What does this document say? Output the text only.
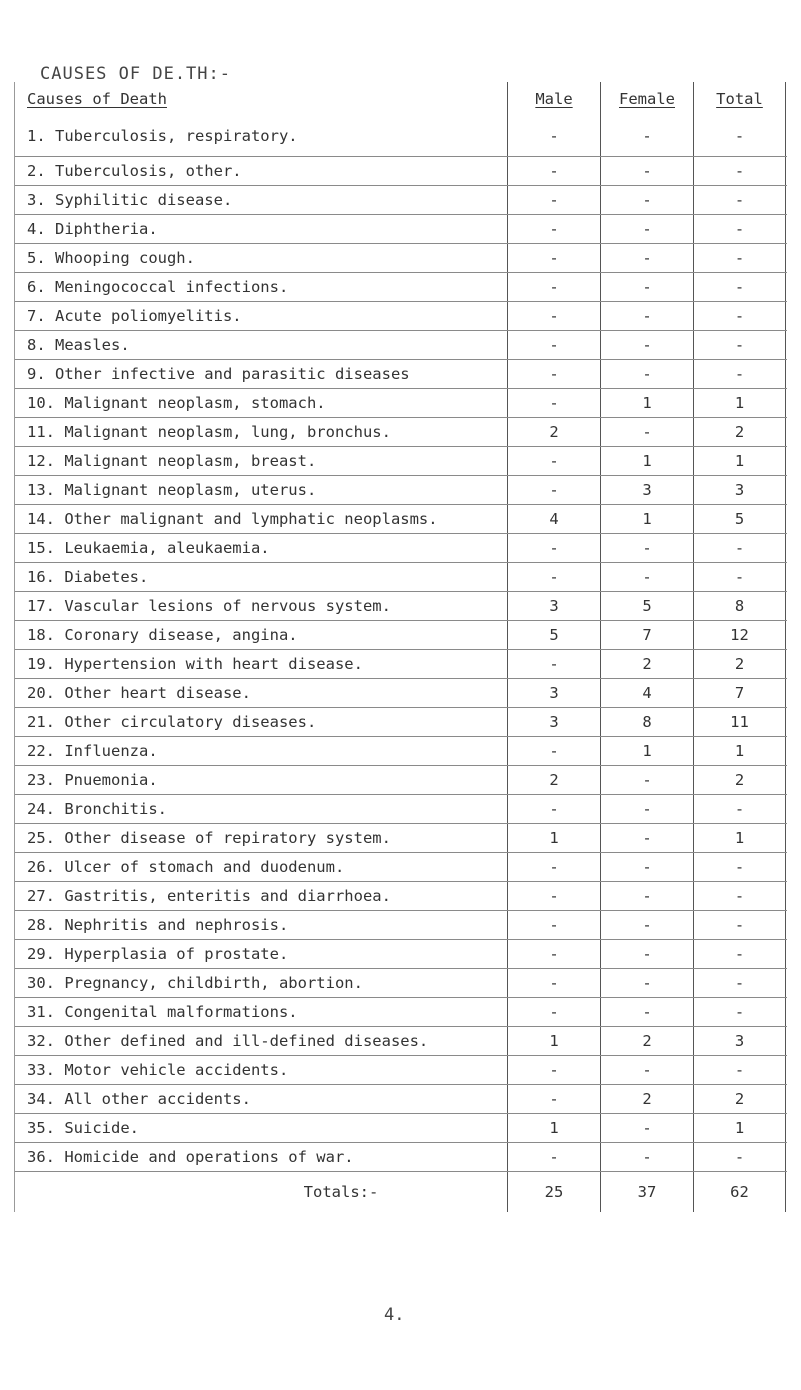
CAUSES OF DE.TH:-
Causes of Death	Male	Female	Total
1. Tuberculosis, respiratory.	-	-	-
2. Tuberculosis, other.	-	-	-
3. Syphilitic disease.	-	-	-
4. Diphtheria.	-	-	-
5. Whooping cough.	-	-	-
6. Meningococcal infections.	-	-	-
7. Acute poliomyelitis.	-	-	-
8. Measles.	-	-	-
9. Other infective and parasitic diseases	-	-	-
10. Malignant neoplasm, stomach.	-	1	1
11. Malignant neoplasm, lung, bronchus.	2	-	2
12. Malignant neoplasm, breast.	-	1	1
13. Malignant neoplasm, uterus.	-	3	3
14. Other malignant and lymphatic neoplasms.	4	1	5
15. Leukaemia, aleukaemia.	-	-	-
16. Diabetes.	-	-	-
17. Vascular lesions of nervous system.	3	5	8
18. Coronary disease, angina.	5	7	12
19. Hypertension with heart disease.	-	2	2
20. Other heart disease.	3	4	7
21. Other circulatory diseases.	3	8	11
22. Influenza.	-	1	1
23. Pnuemonia.	2	-	2
24. Bronchitis.	-	-	-
25. Other disease of repiratory system.	1	-	1
26. Ulcer of stomach and duodenum.	-	-	-
27. Gastritis, enteritis and diarrhoea.	-	-	-
28. Nephritis and nephrosis.	-	-	-
29. Hyperplasia of prostate.	-	-	-
30. Pregnancy, childbirth, abortion.	-	-	-
31. Congenital malformations.	-	-	-
32. Other defined and ill-defined diseases.	1	2	3
33. Motor vehicle accidents.	-	-	-
34. All other accidents.	-	2	2
35. Suicide.	1	-	1
36. Homicide and operations of war.	-	-	-
Totals:-	25	37	62
4.
